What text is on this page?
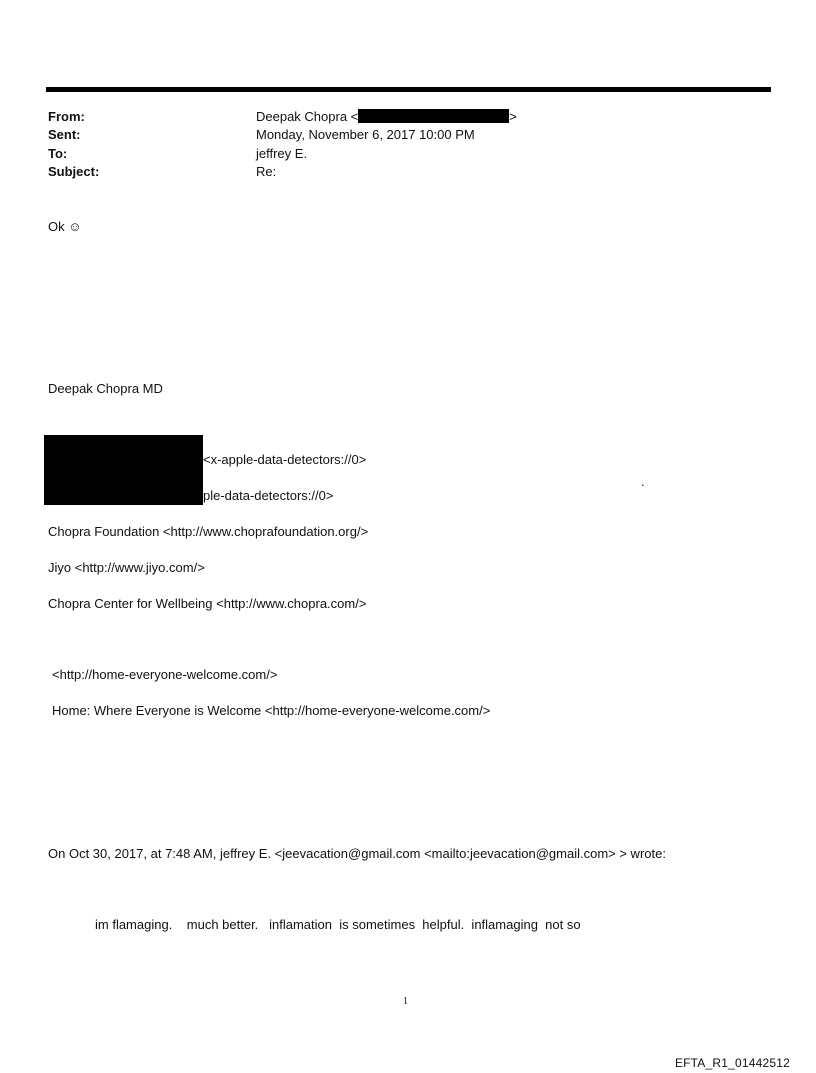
From:	Deepak Chopra <	>
Sent:	Monday, November 6, 2017 10:00 PM
To:	jeffrey E.
Subject:	Re:
Ok ☺
Deepak Chopra MD
<x-apple-data-detectors://0>
ple-data-detectors://0>
.
Chopra Foundation <http://www.choprafoundation.org/>
Jiyo <http://www.jiyo.com/>
Chopra Center for Wellbeing <http://www.chopra.com/>
<http://home-everyone-welcome.com/>
Home: Where Everyone is Welcome <http://home-everyone-welcome.com/>
On Oct 30, 2017, at 7:48 AM, jeffrey E. <jeevacation@gmail.com <mailto:jeevacation@gmail.com> > wrote:
im flamaging.    much better.   inflamation  is sometimes  helpful.  inflamaging  not so
1
EFTA_R1_01442512
